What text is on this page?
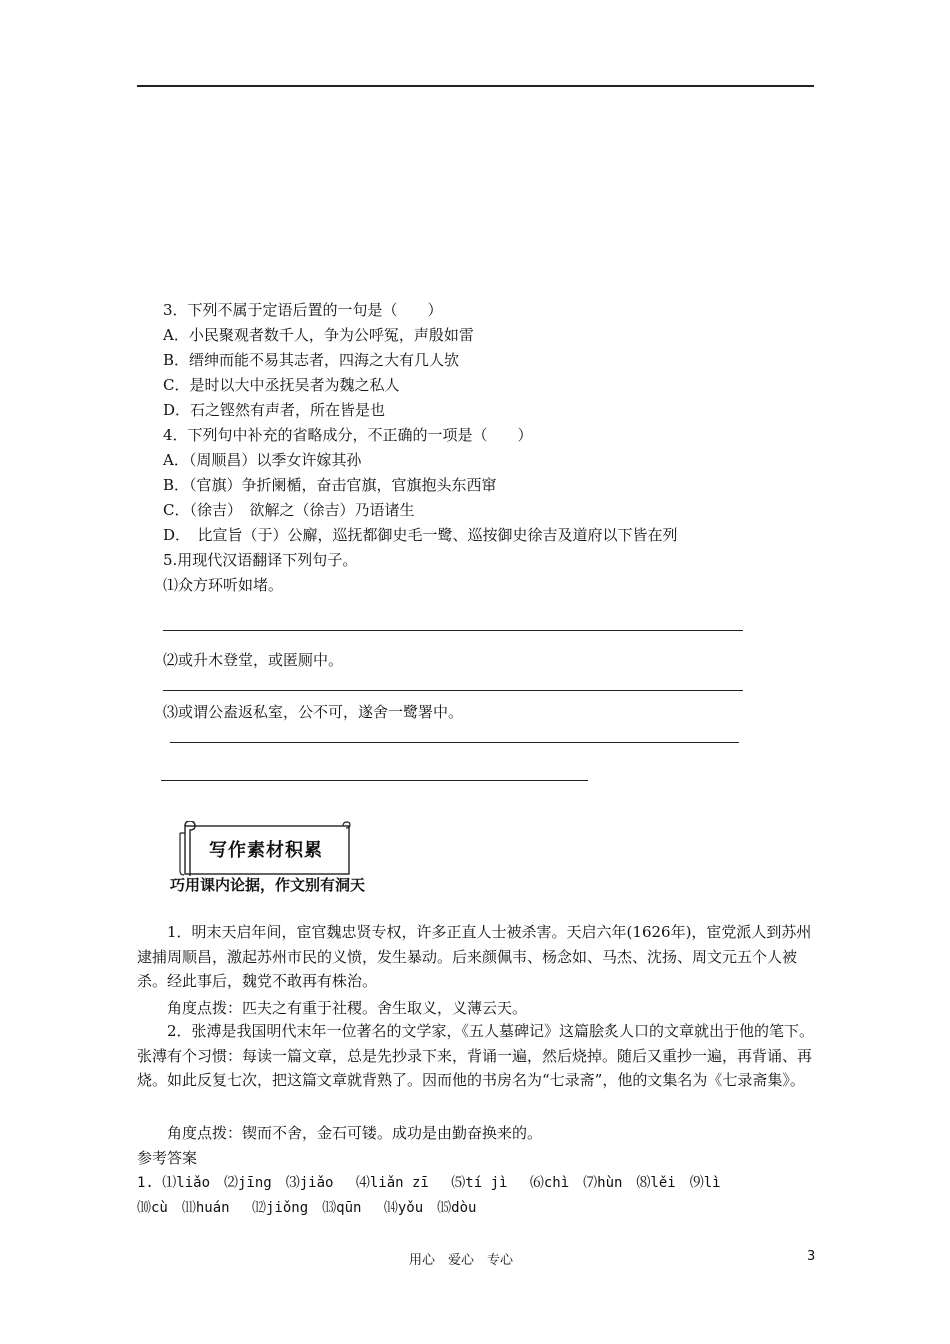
3．下列不属于定语后置的一句是（　　）
A．小民聚观者数千人，争为公呼冤，声殷如雷
B．缙绅而能不易其志者，四海之大有几人欤
C．是时以大中丞抚吴者为魏之私人
D．石之铿然有声者，所在皆是也
4．下列句中补充的省略成分，不正确的一项是（　　）
A．（周顺昌）以季女许嫁其孙
B．（官旗）争折阑楯，奋击官旗，官旗抱头东西窜
C．（徐吉）　欲解之（徐吉）乃语诸生
D．　比宣旨（于）公廨，巡抚都御史毛一鹭、巡按御史徐吉及道府以下皆在列
5.用现代汉语翻译下列句子。
⑴众方环听如堵。
⑵或升木登堂，或匿厕中。
⑶或谓公盍返私室，公不可，遂舍一鹭署中。
写作素材积累
巧用课内论据，作文别有洞天
1．明末天启年间，宦官魏忠贤专权，许多正直人士被杀害。天启六年(1626年)，宦党派人到苏州逮捕周顺昌，激起苏州市民的义愤，发生暴动。后来颜佩韦、杨念如、马杰、沈扬、周文元五个人被杀。经此事后，魏党不敢再有株治。
角度点拨：匹夫之有重于社稷。舍生取义，义薄云天。
2．张溥是我国明代末年一位著名的文学家，《五人墓碑记》这篇脍炙人口的文章就出于他的笔下。张溥有个习惯：每读一篇文章，总是先抄录下来，背诵一遍，然后烧掉。随后又重抄一遍，再背诵、再烧。如此反复七次，把这篇文章就背熟了。因而他的书房名为“七录斋”，他的文集名为《七录斋集》。
角度点拨：锲而不舍，金石可镂。成功是由勤奋换来的。
参考答案
1. ⑴liǎo　⑵jīng　⑶jiǎo　 ⑷liǎn zī　 ⑸tí jì　 ⑹chì　⑺hùn　⑻lěi　⑼lì
⑽cù　⑾huán　 ⑿jiǒng　⒀qūn　 ⒁yǒu　⒂dòu
用心　爱心　专心	3
